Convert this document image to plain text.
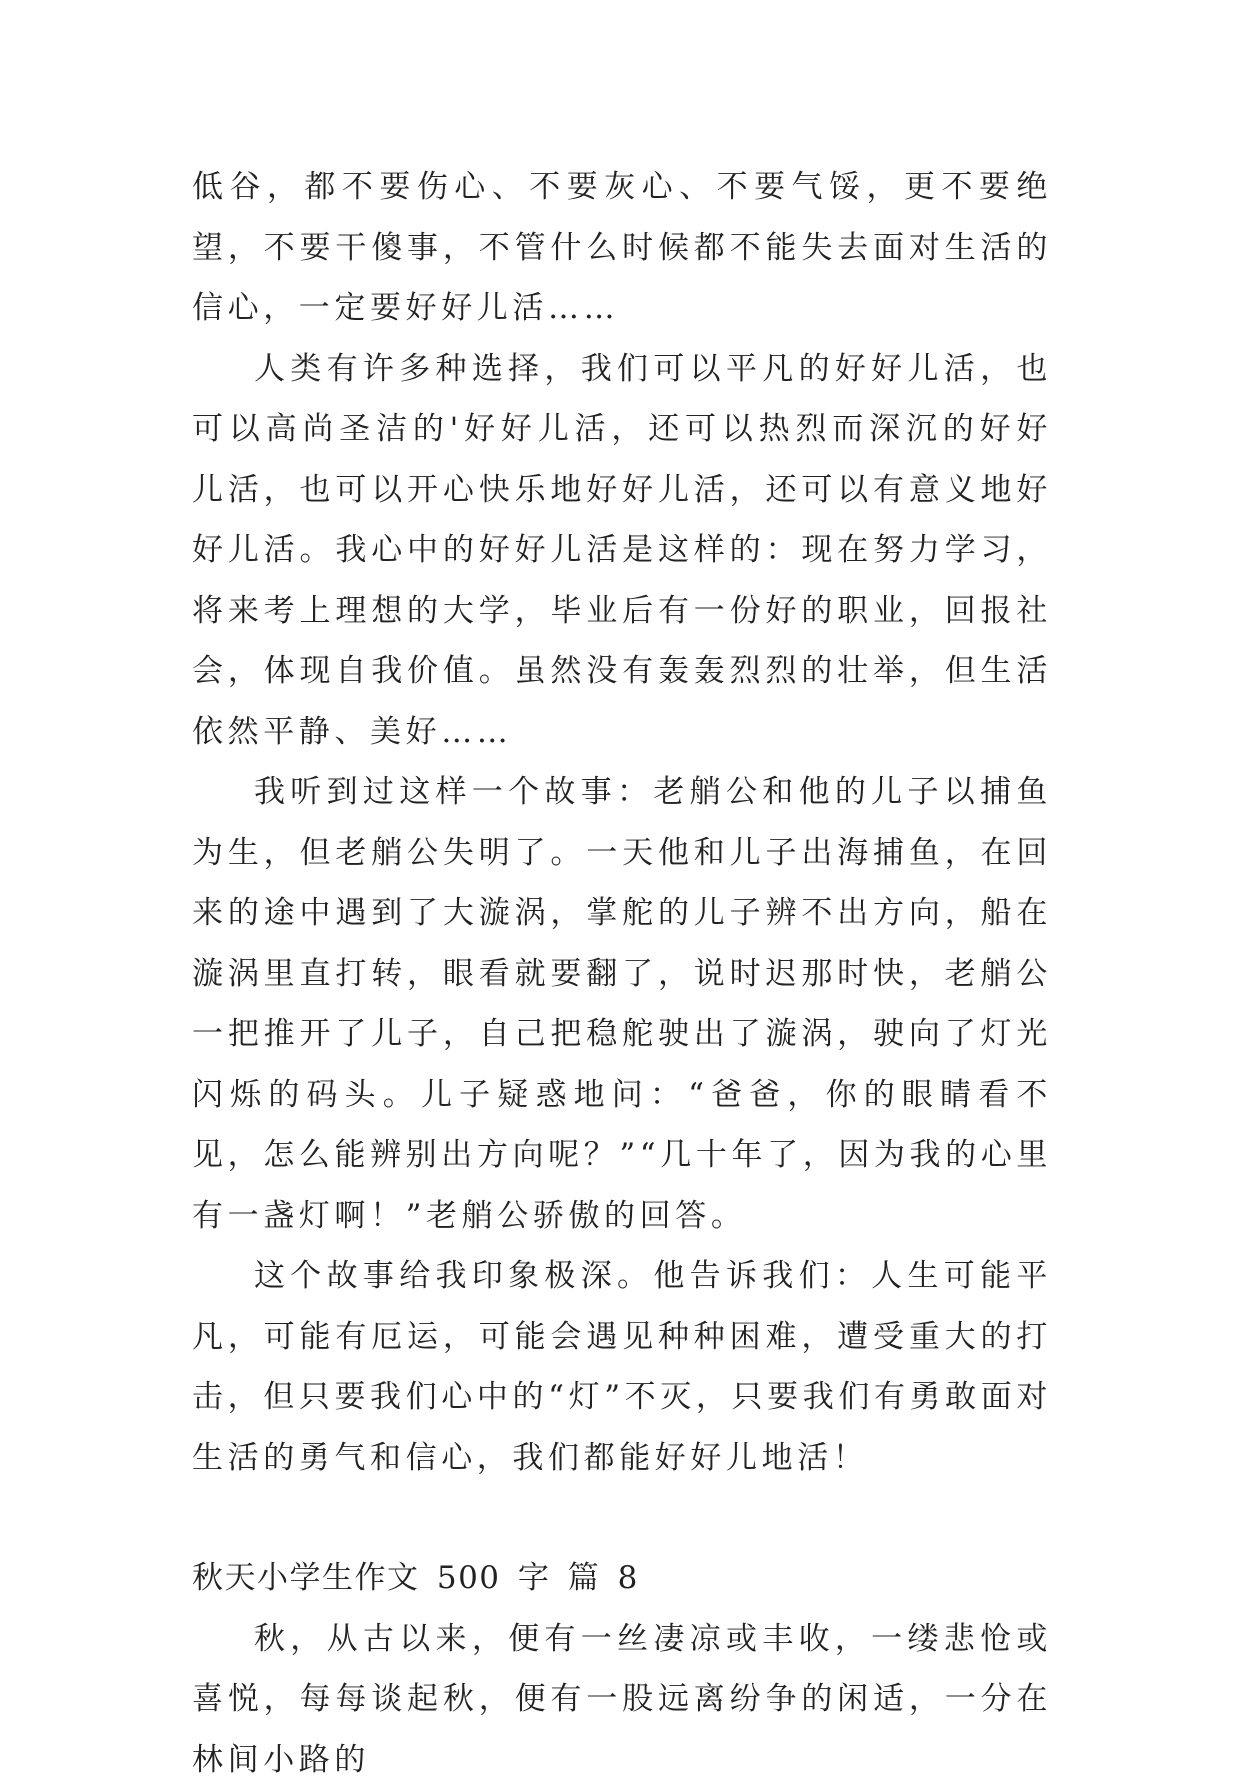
低谷，都不要伤心、不要灰心、不要气馁，更不要绝望，不要干傻事，不管什么时候都不能失去面对生活的信心，一定要好好儿活……

人类有许多种选择，我们可以平凡的好好儿活，也可以高尚圣洁的'好好儿活，还可以热烈而深沉的好好儿活，也可以开心快乐地好好儿活，还可以有意义地好好儿活。我心中的好好儿活是这样的：现在努力学习，将来考上理想的大学，毕业后有一份好的职业，回报社会，体现自我价值。虽然没有轰轰烈烈的壮举，但生活依然平静、美好……

我听到过这样一个故事：老艄公和他的儿子以捕鱼为生，但老艄公失明了。一天他和儿子出海捕鱼，在回来的途中遇到了大漩涡，掌舵的儿子辨不出方向，船在漩涡里直打转，眼看就要翻了，说时迟那时快，老艄公一把推开了儿子，自己把稳舵驶出了漩涡，驶向了灯光闪烁的码头。儿子疑惑地问：“爸爸，你的眼睛看不见，怎么能辨别出方向呢？”“几十年了，因为我的心里有一盏灯啊！”老艄公骄傲的回答。

这个故事给我印象极深。他告诉我们：人生可能平凡，可能有厄运，可能会遇见种种困难，遭受重大的打击，但只要我们心中的“灯”不灭，只要我们有勇敢面对生活的勇气和信心，我们都能好好儿地活！

秋天小学生作文 500 字 篇 8

秋，从古以来，便有一丝凄凉或丰收，一缕悲怆或喜悦，每每谈起秋，便有一股远离纷争的闲适，一分在林间小路的
